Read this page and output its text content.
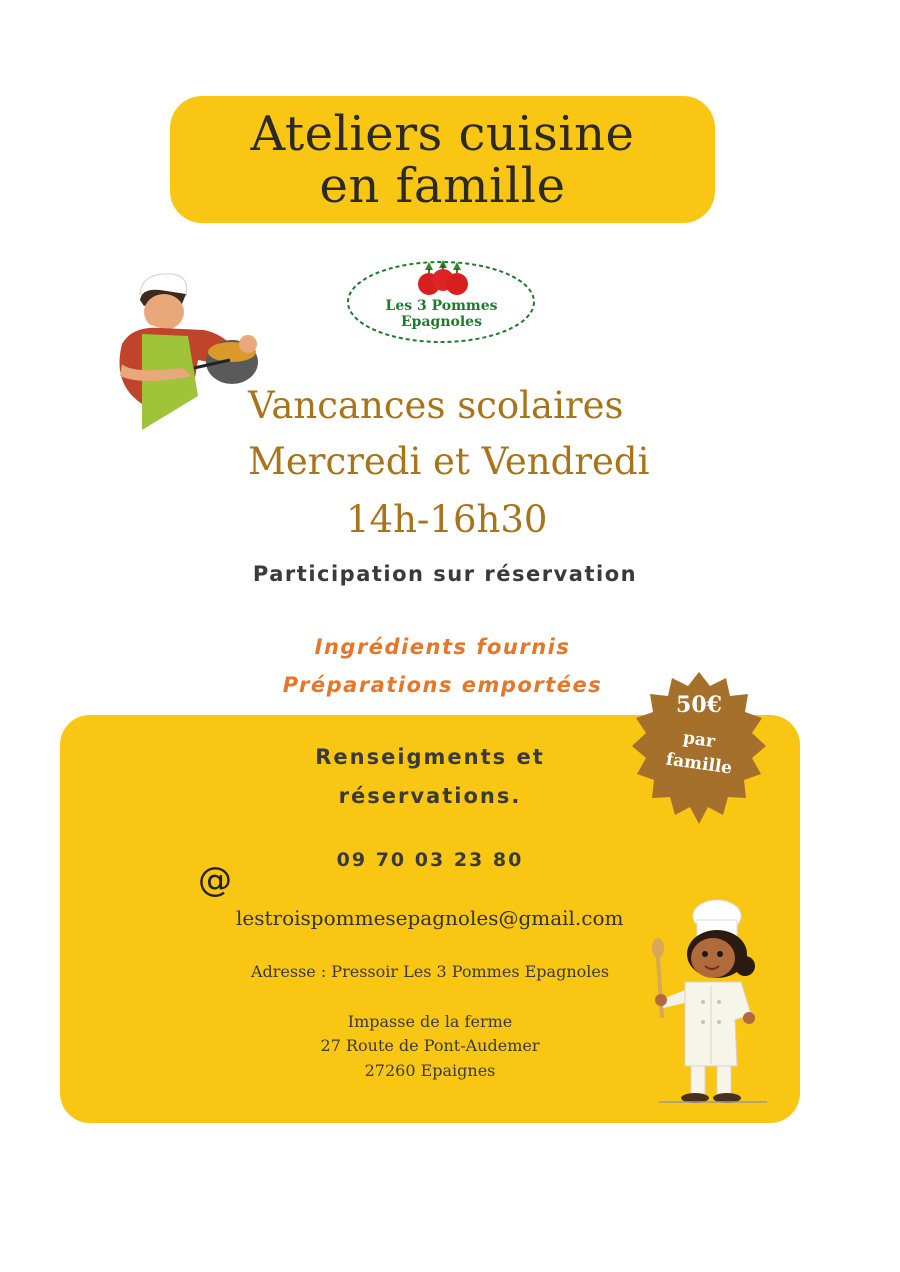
Ateliers cuisine
en famille
Les 3 Pommes Epagnoles
Vancances scolaires
Mercredi et Vendredi
14h-16h30
Participation sur réservation
Ingrédients fournis
Préparations emportées
Renseigments et
réservations.
09 70 03 23 80
@
lestroispommesepagnoles@gmail.com
Adresse : Pressoir Les 3 Pommes Epagnoles
Impasse de la ferme
27 Route de Pont-Audemer
27260 Epaignes
50€
par
famille
